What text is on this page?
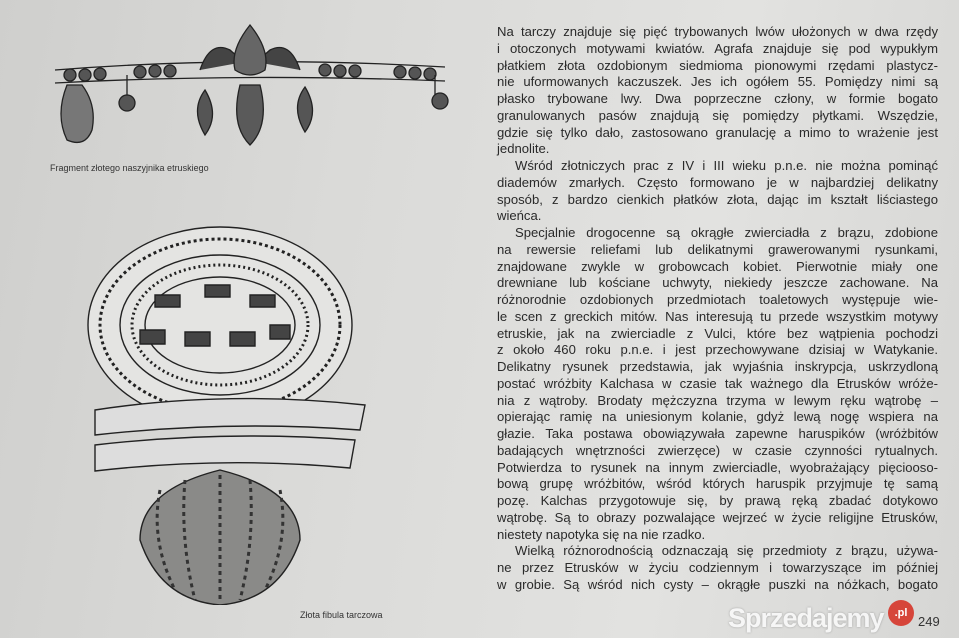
Fragment złotego naszyjnika etruskiego
Złota fibula tarczowa
Na tarczy znajduje się pięć trybowanych lwów ułożonych w dwa rzędy
i otoczonych motywami kwiatów. Agrafa znajduje się pod wypukłym
płatkiem złota ozdobionym siedmioma pionowymi rzędami plastycz-
nie uformowanych kaczuszek. Jes ich ogółem 55. Pomiędzy nimi są
płasko trybowane lwy. Dwa poprzeczne człony, w formie bogato
granulowanych pasów znajdują się pomiędzy płytkami. Wszędzie,
gdzie się tylko dało, zastosowano granulację a mimo to wrażenie jest
jednolite.
Wśród złotniczych prac z IV i III wieku p.n.e. nie można pominąć
diademów zmarłych. Często formowano je w najbardziej delikatny
sposób, z bardzo cienkich płatków złota, dając im kształt liściastego
wieńca.
Specjalnie drogocenne są okrągłe zwierciadła z brązu, zdobione
na rewersie reliefami lub delikatnymi grawerowanymi rysunkami,
znajdowane zwykle w grobowcach kobiet. Pierwotnie miały one
drewniane lub kościane uchwyty, niekiedy jeszcze zachowane. Na
różnorodnie ozdobionych przedmiotach toaletowych występuje wie-
le scen z greckich mitów. Nas interesują tu przede wszystkim motywy
etruskie, jak na zwierciadle z Vulci, które bez wątpienia pochodzi
z około 460 roku p.n.e. i jest przechowywane dzisiaj w Watykanie.
Delikatny rysunek przedstawia, jak wyjaśnia inskrypcja, uskrzydloną
postać wróżbity Kalchasa w czasie tak ważnego dla Etrusków wróże-
nia z wątroby. Brodaty mężczyzna trzyma w lewym ręku wątrobę –
opierając ramię na uniesionym kolanie, gdyż lewą nogę wspiera na
głazie. Taka postawa obowiązywała zapewne haruspików (wróżbitów
badających wnętrzności zwierzęce) w czasie czynności rytualnych.
Potwierdza to rysunek na innym zwierciadle, wyobrażający pięciooso-
bową grupę wróżbitów, wśród których haruspik przyjmuje tę samą
pozę. Kalchas przygotowuje się, by prawą ręką zbadać dotykowo
wątrobę. Są to obrazy pozwalające wejrzeć w życie religijne Etrusków,
niestety napotyka się na nie rzadko.
Wielką różnorodnością odznaczają się przedmioty z brązu, używa-
ne przez Etrusków w życiu codziennym i towarzyszące im później
w grobie. Są wśród nich cysty – okrągłe puszki na nóżkach, bogato
Sprzedajemy	.pl
249
